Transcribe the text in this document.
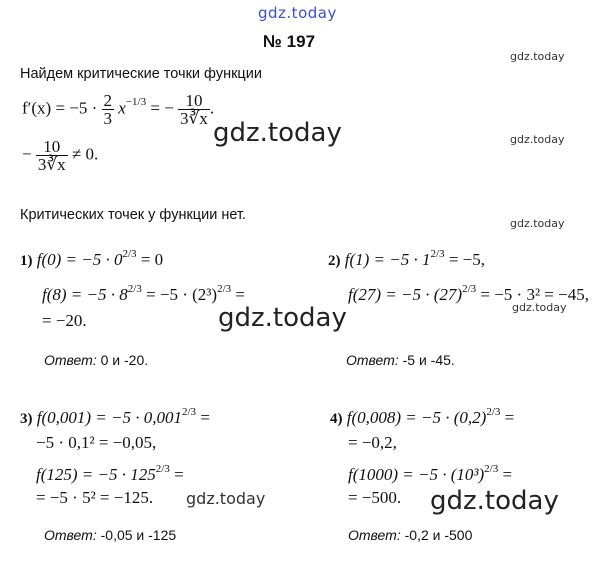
gdz.today
gdz.today
gdz.today
gdz.today
gdz.today
gdz.today
gdz.today
gdz.today
gdz.today
№ 197
Найдем критические точки функции
$f'(x) = -5 \cdot \frac{2}{3} x^{-1/3}$ = − $\frac{10}{3∛x}$ .
− $\frac{10}{3∛x} \ne 0$.
Критических точек у функции нет.
1) $f(0) = -5 \cdot 0^{2/3} = 0$
$f(8) = -5 \cdot 8^{2/3} = -5 \cdot (2^3)^{2/3}$ =
= −20.
Ответ: 0 и -20.
2) $f(1) = -5 \cdot 1^{2/3} = -5$,
$f(27) = -5 \cdot (27)^{2/3} = -5 \cdot 3^2 = -45$,
Ответ: -5 и -45.
3) $f(0,001) = -5 \cdot 0,001^{2/3}$ =
−5 · 0,1² = −0,05,
$f(125) = -5 \cdot 125^{2/3}$ =
= −5 · 5² = −125.
Ответ: -0,05 и -125
4) $f(0,008) = -5 \cdot (0,2)^{2/3}$ =
= −0,2,
$f(1000) = -5 \cdot (10^3)^{2/3}$ =
= −500.
Ответ: -0,2 и -500
